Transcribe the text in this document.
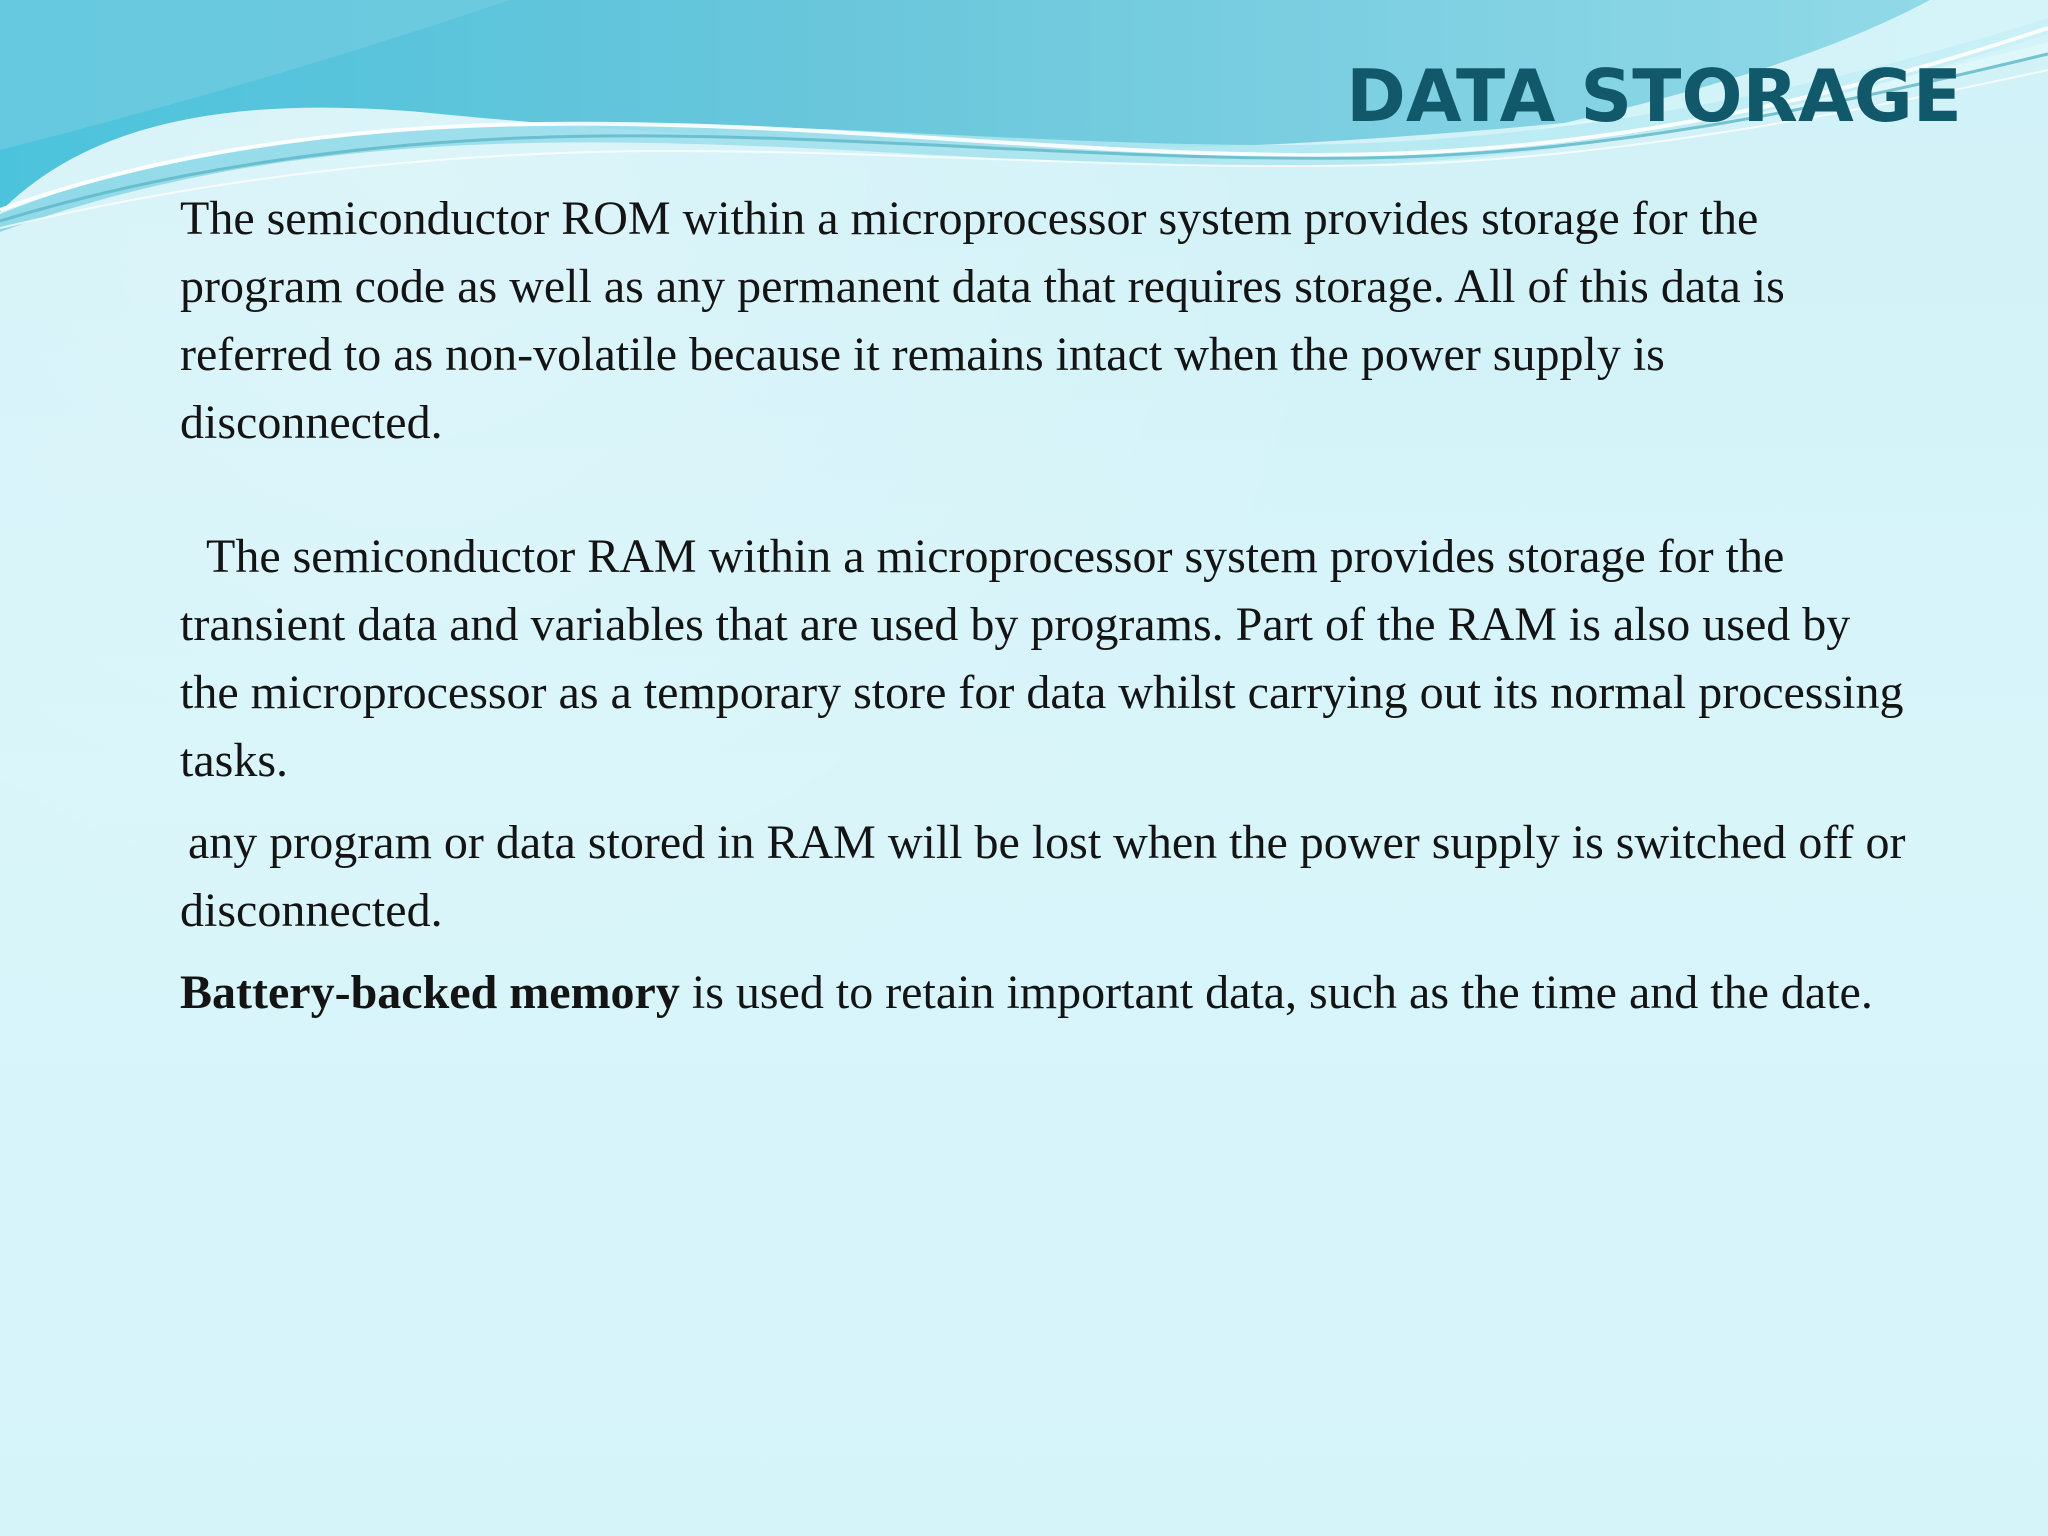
DATA STORAGE

The semiconductor ROM within a microprocessor system provides storage for the program code as well as any permanent data that requires storage. All of this data is referred to as non-volatile because it remains intact when the power supply is disconnected.

The semiconductor RAM within a microprocessor system provides storage for the transient data and variables that are used by programs. Part of the RAM is also used by the microprocessor as a temporary store for data whilst carrying out its normal processing tasks.

any program or data stored in RAM will be lost when the power supply is switched off or disconnected.

Battery-backed memory is used to retain important data, such as the time and the date.
